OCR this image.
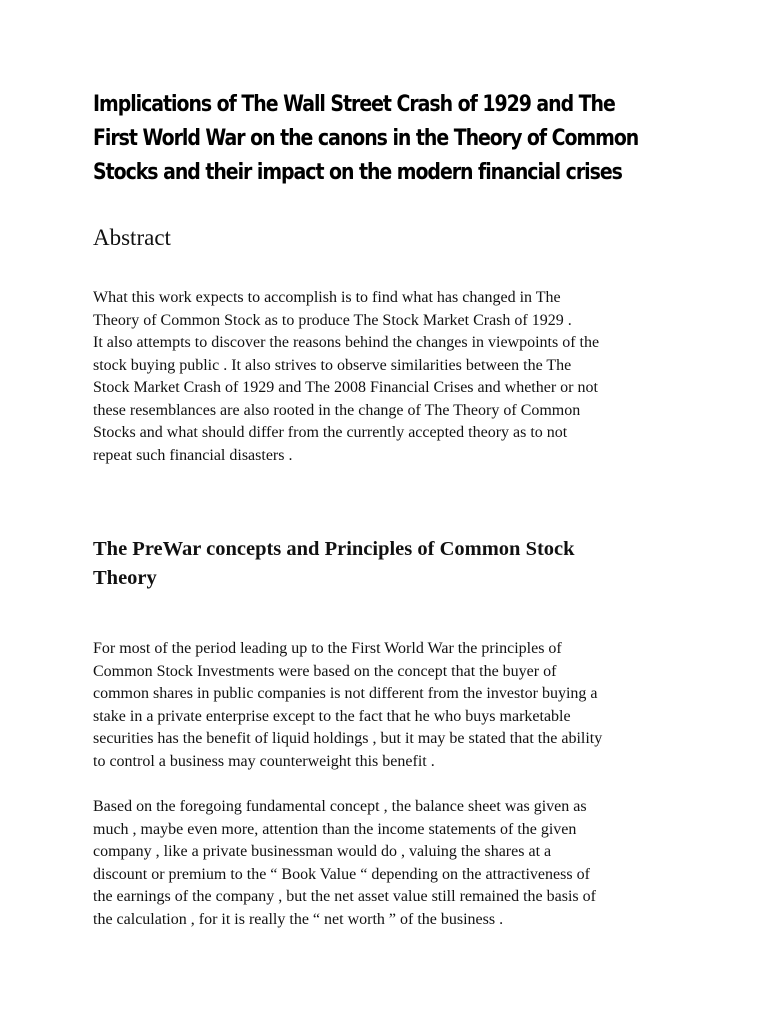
Implications of The Wall Street Crash of 1929 and The
First World War on the canons in the Theory of Common
Stocks and their impact on the modern financial crises
Abstract

What this work expects to accomplish is to find what has changed in The
Theory of Common Stock as to produce The Stock Market Crash of 1929 .
It also attempts to discover the reasons behind the changes in viewpoints of the
stock buying public . It also strives to observe similarities between the The
Stock Market Crash of 1929 and The 2008 Financial Crises and whether or not
these resemblances are also rooted in the change of The Theory of Common
Stocks and what should differ from the currently accepted theory as to not
repeat such financial disasters .

The PreWar concepts and Principles of Common Stock
Theory

For most of the period leading up to the First World War the principles of
Common Stock Investments were based on the concept that the buyer of
common shares in public companies is not different from the investor buying a
stake in a private enterprise except to the fact that he who buys marketable
securities has the benefit of liquid holdings , but it may be stated that the ability
to control a business may counterweight this benefit .

Based on the foregoing fundamental concept , the balance sheet was given as
much , maybe even more, attention than the income statements of the given
company , like a private businessman would do , valuing the shares at a
discount or premium to the “ Book Value “ depending on the attractiveness of
the earnings of the company , but the net asset value still remained the basis of
the calculation , for it is really the “ net worth ” of the business .
